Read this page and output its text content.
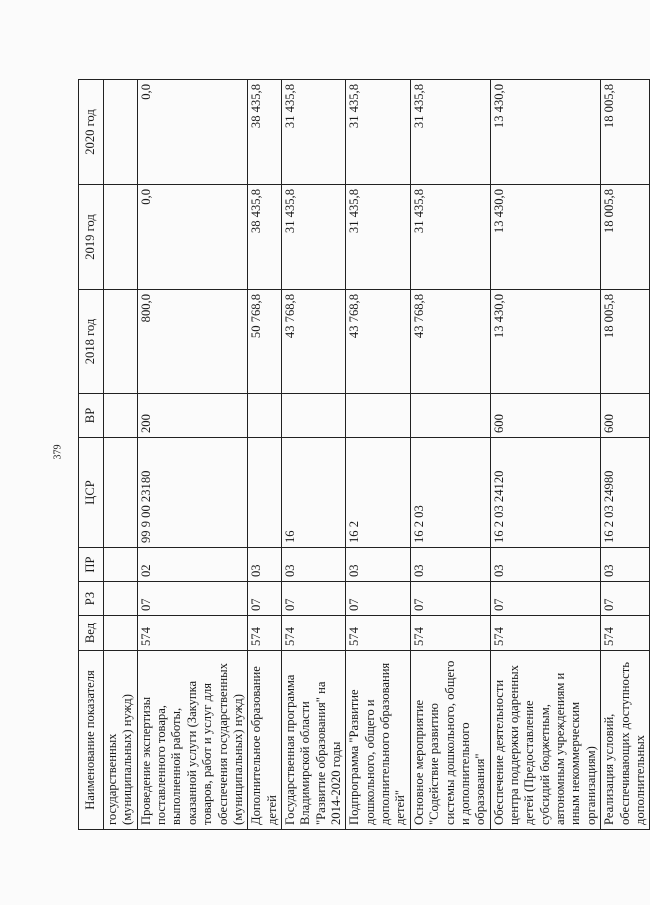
379
Наименование показателя	Вед	РЗ	ПР	ЦСР	ВР	2018 год	2019 год	2020 год
государственных (муниципальных) нужд)								
Проведение экспертизы поставленного товара, выполненной работы, оказанной услуги (Закупка товаров, работ и услуг для обеспечения государственных (муниципальных) нужд)	574	07	02	99 9 00 23180	200	800,0	0,0	0,0
Дополнительное образование детей	574	07	03			50 768,8	38 435,8	38 435,8
Государственная программа Владимирской области "Развитие образования" на 2014-2020 годы	574	07	03	16		43 768,8	31 435,8	31 435,8
Подпрограмма "Развитие дошкольного, общего и дополнительного образования детей"	574	07	03	16 2		43 768,8	31 435,8	31 435,8
Основное мероприятие "Содействие развитию системы дошкольного, общего и дополнительного образования"	574	07	03	16 2 03		43 768,8	31 435,8	31 435,8
Обеспечение деятельности центра поддержки одаренных детей (Предоставление субсидий бюджетным, автономным учреждениям и иным некоммерческим организациям)	574	07	03	16 2 03 24120	600	13 430,0	13 430,0	13 430,0
Реализация условий, обеспечивающих доступность дополнительных	574	07	03	16 2 03 24980	600	18 005,8	18 005,8	18 005,8
